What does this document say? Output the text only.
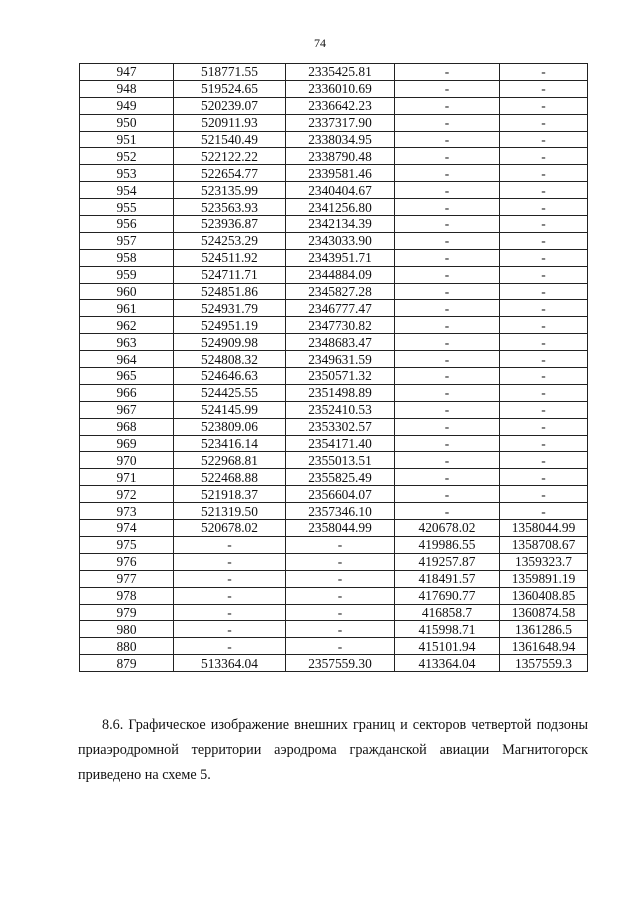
74
947	518771.55	2335425.81	-	-
948	519524.65	2336010.69	-	-
949	520239.07	2336642.23	-	-
950	520911.93	2337317.90	-	-
951	521540.49	2338034.95	-	-
952	522122.22	2338790.48	-	-
953	522654.77	2339581.46	-	-
954	523135.99	2340404.67	-	-
955	523563.93	2341256.80	-	-
956	523936.87	2342134.39	-	-
957	524253.29	2343033.90	-	-
958	524511.92	2343951.71	-	-
959	524711.71	2344884.09	-	-
960	524851.86	2345827.28	-	-
961	524931.79	2346777.47	-	-
962	524951.19	2347730.82	-	-
963	524909.98	2348683.47	-	-
964	524808.32	2349631.59	-	-
965	524646.63	2350571.32	-	-
966	524425.55	2351498.89	-	-
967	524145.99	2352410.53	-	-
968	523809.06	2353302.57	-	-
969	523416.14	2354171.40	-	-
970	522968.81	2355013.51	-	-
971	522468.88	2355825.49	-	-
972	521918.37	2356604.07	-	-
973	521319.50	2357346.10	-	-
974	520678.02	2358044.99	420678.02	1358044.99
975	-	-	419986.55	1358708.67
976	-	-	419257.87	1359323.7
977	-	-	418491.57	1359891.19
978	-	-	417690.77	1360408.85
979	-	-	416858.7	1360874.58
980	-	-	415998.71	1361286.5
880	-	-	415101.94	1361648.94
879	513364.04	2357559.30	413364.04	1357559.3

8.6. Графическое изображение внешних границ и секторов четвертой подзоны приаэродромной территории аэродрома гражданской авиации Магнитогорск приведено на схеме 5.
